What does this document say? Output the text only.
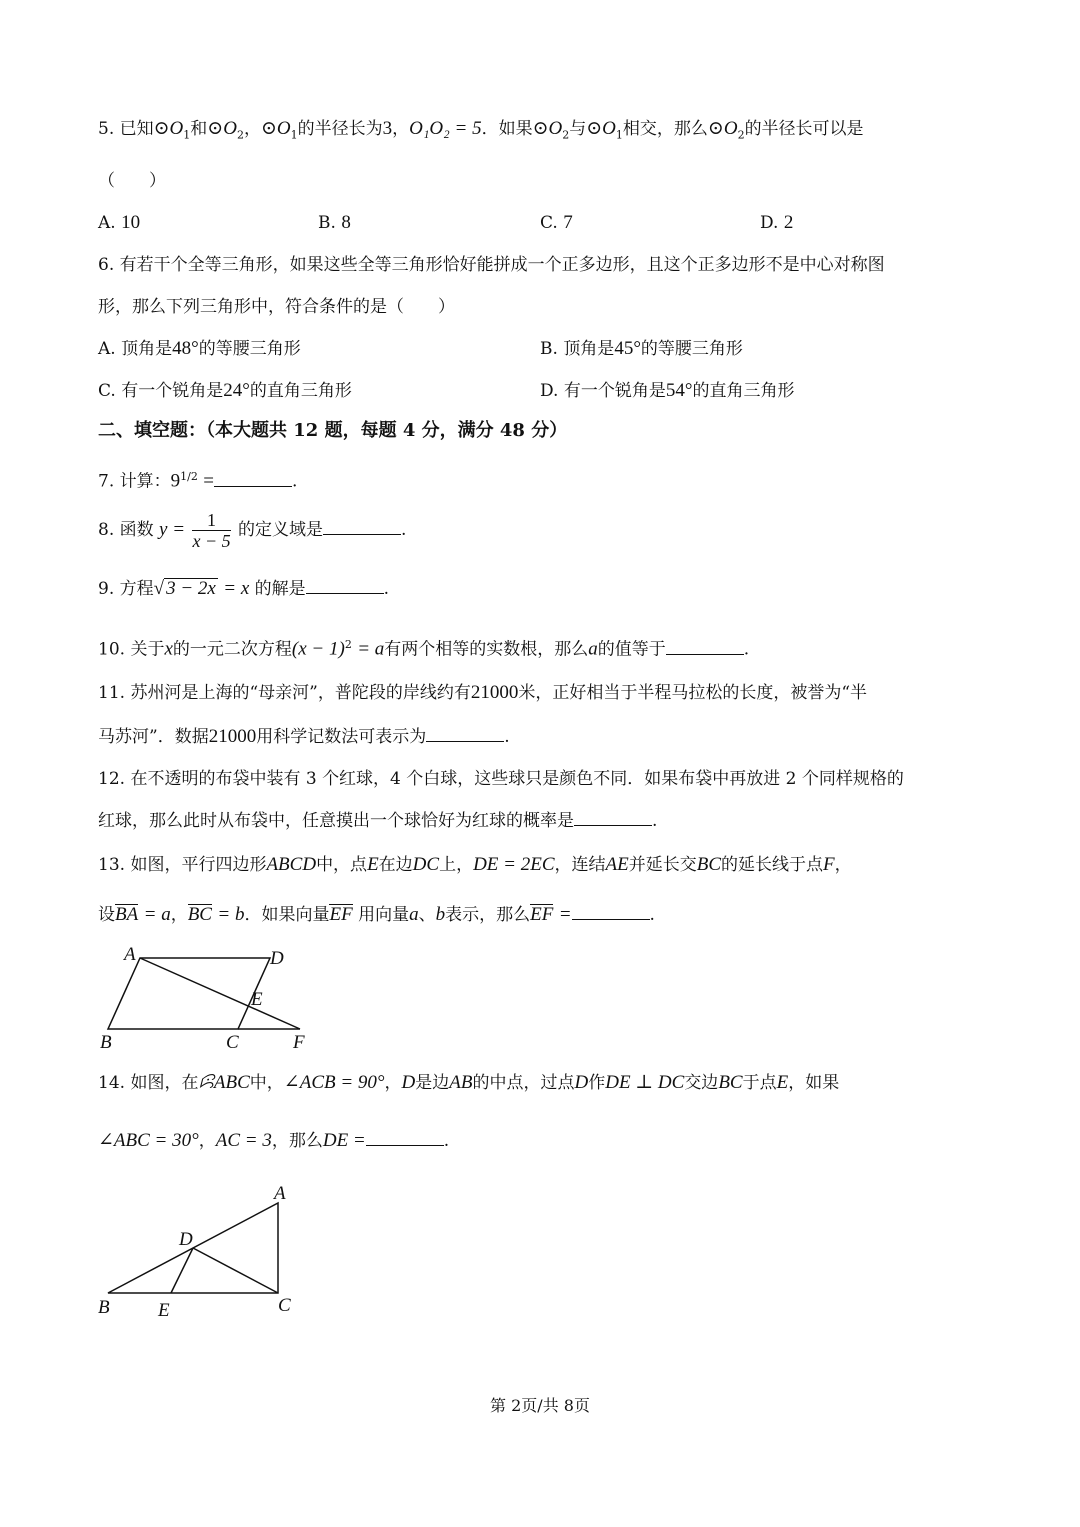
5. 已知$⊙O_1$和$⊙O_2$，$⊙O_1$的半径长为3，O₁O₂ = 5．如果$⊙O_2$与$⊙O_1$相交，那么$⊙O_2$的半径长可以是
（　　）
A. 10	B. 8	C. 7	D. 2
6. 有若干个全等三角形，如果这些全等三角形恰好能拼成一个正多边形，且这个正多边形不是中心对称图
形，那么下列三角形中，符合条件的是（　　）
A. 顶角是48°的等腰三角形	B. 顶角是45°的等腰三角形
C. 有一个锐角是24°的直角三角形	D. 有一个锐角是54°的直角三角形
二、填空题：（本大题共 12 题，每题 4 分，满分 48 分）
7. 计算：$9^{1/2}$ =	.
8. 函数 $y = \frac{1}{x - 5}$ 的定义域是	.
9. 方程√ 3 − 2x = x 的解是	.
10. 关于x的一元二次方程$(x - 1)^2 = a$有两个相等的实数根，那么a的值等于	.
11. 苏州河是上海的“母亲河”，普陀段的岸线约有21000米，正好相当于半程马拉松的长度，被誉为“半
马苏河”．数据21000用科学记数法可表示为	.
12. 在不透明的布袋中装有 3 个红球，4 个白球，这些球只是颜色不同．如果布袋中再放进 2 个同样规格的
红球，那么此时从布袋中，任意摸出一个球恰好为红球的概率是	.
13. 如图，平行四边形ABCD中，点E在边DC上，DE = 2EC，连结AE并延长交BC的延长线于点F，
设BA = a，BC = b．如果向量EF 用向量a、b表示，那么EF =	.
A	D
E
B	C	F
14. 如图，在ꕸABC中，∠ACB = 90°，D是边AB的中点，过点D作DE ⊥ DC交边BC于点E，如果
∠ABC = 30°，AC = 3，那么DE =	.
A
D
B	E	C
第 2页/共 8页
